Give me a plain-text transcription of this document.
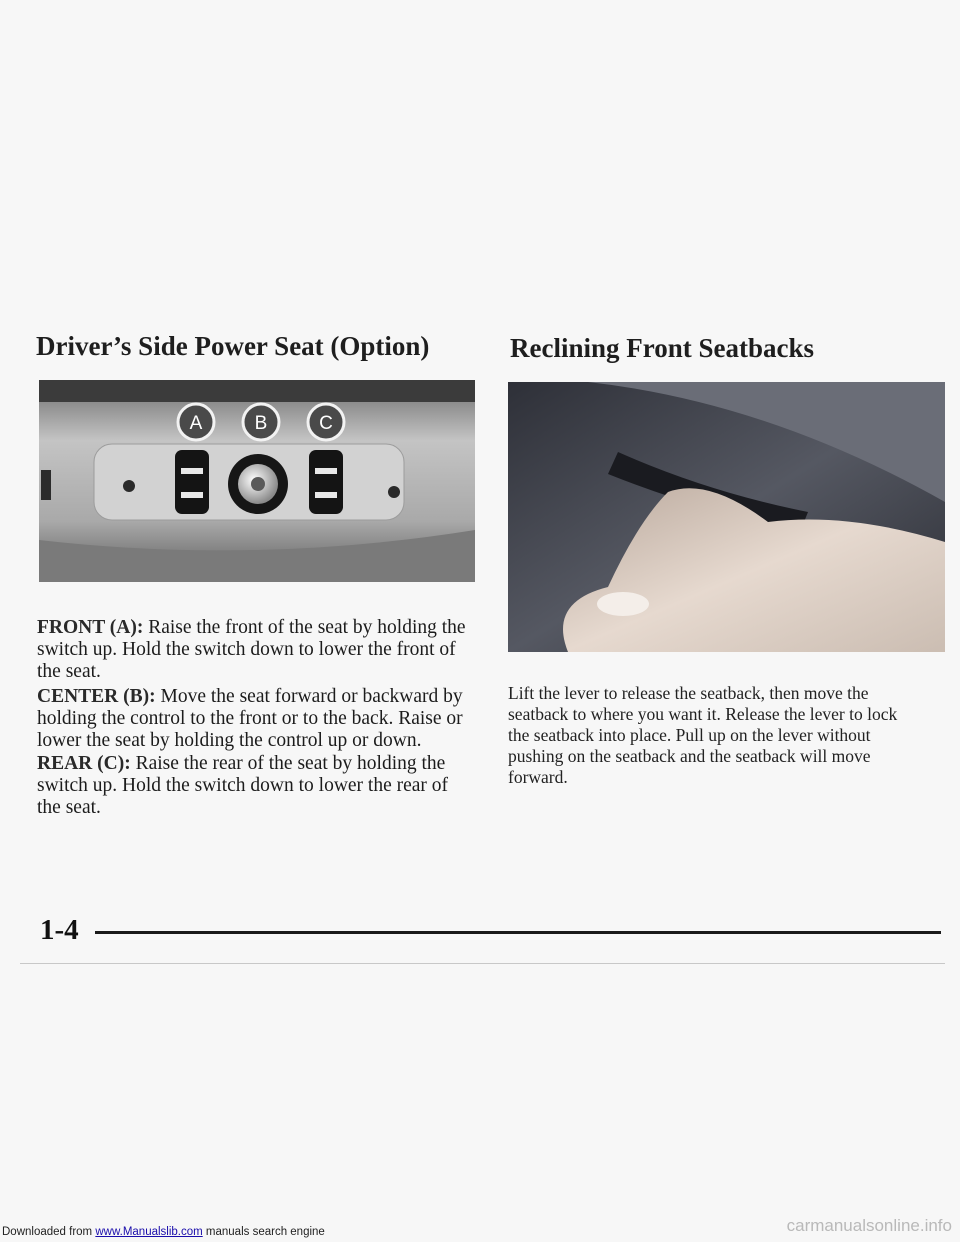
Driver’s Side Power Seat (Option)	Reclining Front Seatbacks
A	B	C
FRONT (A): Raise the front of the seat by holding the switch up. Hold the switch down to lower the front of the seat.
CENTER (B): Move the seat forward or backward by holding the control to the front or to the back. Raise or lower the seat by holding the control up or down.
REAR (C): Raise the rear of the seat by holding the switch up. Hold the switch down to lower the rear of the seat.
Lift the lever to release the seatback, then move the seatback to where you want it. Release the lever to lock the seatback into place. Pull up on the lever without pushing on the seatback and the seatback will move forward.
1-4
Downloaded from www.Manualslib.com manuals search engine	carmanualsonline.info
